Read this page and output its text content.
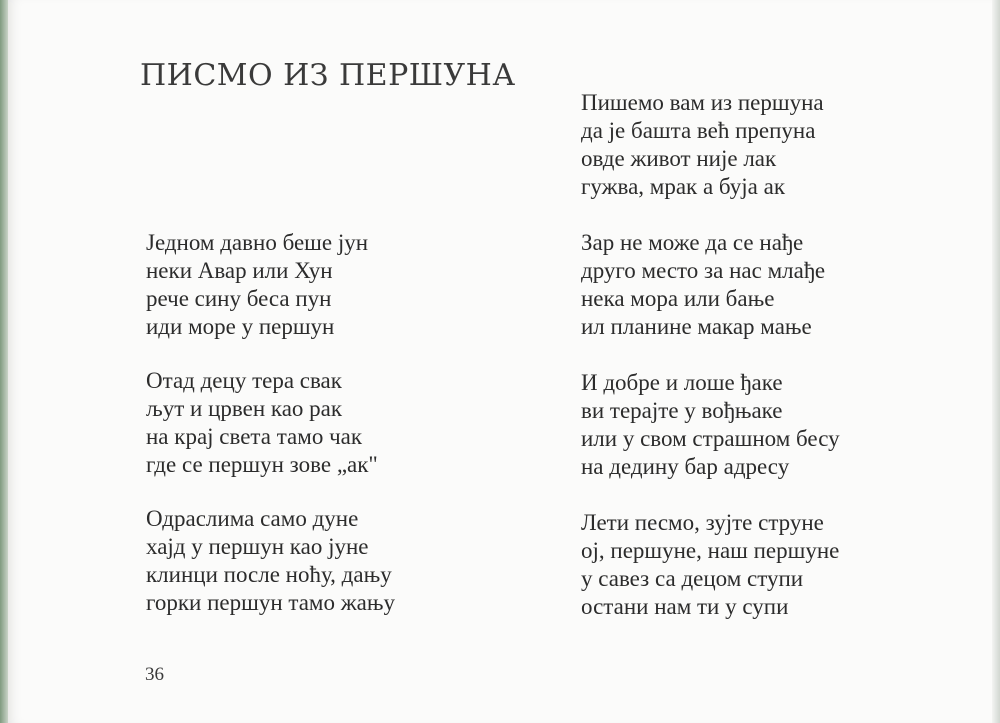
ПИСМО ИЗ ПЕРШУНА

Једном давно беше јун
неки Авар или Хун
рече сину беса пун
иди море у першун

Отад децу тера свак
љут и црвен као рак
на крај света тамо чак
где се першун зове „ак"

Одраслима само дуне
хајд у першун као јуне
клинци после ноћу, дању
горки першун тамо жању

Пишемо вам из першуна
да је башта већ препуна
овде живот није лак
гужва, мрак а буја ак

Зар не може да се нађе
друго место за нас млађе
нека мора или бање
ил планине макар мање

И добре и лоше ђаке
ви терајте у вођњаке
или у свом страшном бесу
на дедину бар адресу

Лети песмо, зујте струне
ој, першуне, наш першуне
у савез са децом ступи
остани нам ти у супи

36
